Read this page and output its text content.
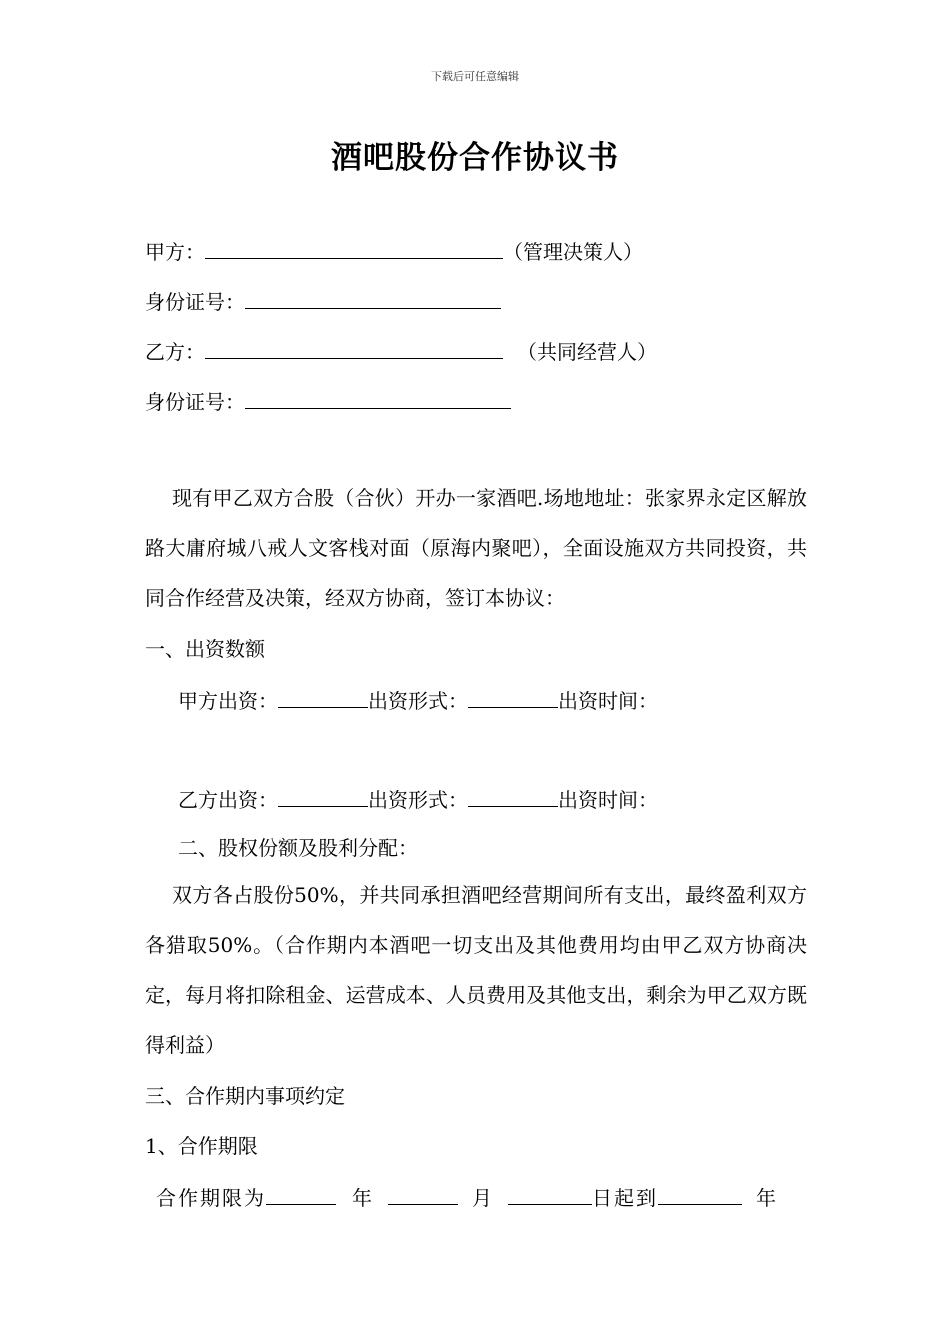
下载后可任意编辑
酒吧股份合作协议书
甲方：	（管理决策人）
身份证号：
乙方：	（共同经营人）
身份证号：
现有甲乙双方合股（合伙）开办一家酒吧.场地地址：张家界永定区解放路大庸府城八戒人文客栈对面（原海内聚吧），全面设施双方共同投资，共同合作经营及决策，经双方协商，签订本协议：
一、出资数额
甲方出资：	出资形式：	出资时间：
乙方出资：	出资形式：	出资时间：
二、股权份额及股利分配：
双方各占股份50%，并共同承担酒吧经营期间所有支出，最终盈利双方各猎取50%。（合作期内本酒吧一切支出及其他费用均由甲乙双方协商决定，每月将扣除租金、运营成本、人员费用及其他支出，剩余为甲乙双方既得利益）
三、合作期内事项约定
1、合作期限
合作期限为	年	月	日起到	年
